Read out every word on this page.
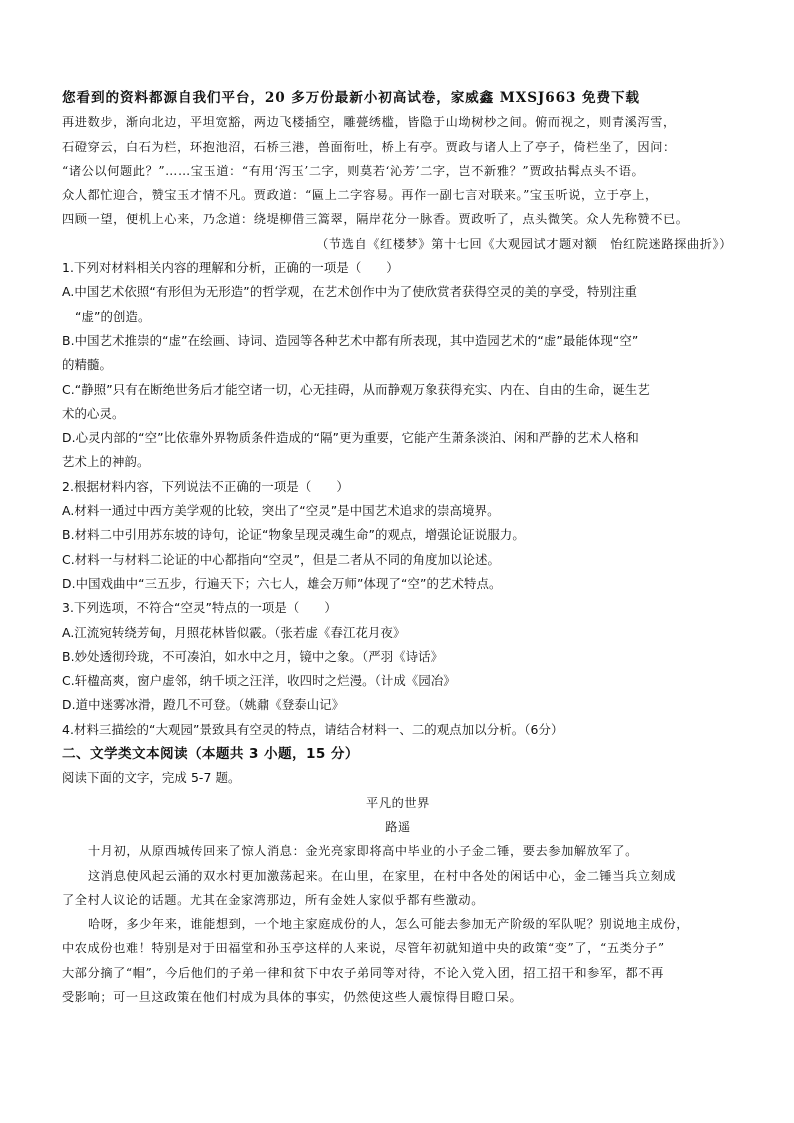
您看到的资料都源自我们平台，20 多万份最新小初高试卷，家威鑫 MXSJ663 免费下载
再进数步，渐向北边，平坦宽豁，两边飞楼插空，雕甍绣槛，皆隐于山坳树杪之间。俯而视之，则青溪泻雪，
石磴穿云，白石为栏，环抱池沼，石桥三港，兽面衔吐，桥上有亭。贾政与诸人上了亭子，倚栏坐了，因问：
“诸公以何题此？”……宝玉道：“有用‘泻玉’二字，则莫若‘沁芳’二字，岂不新雅？”贾政拈髯点头不语。
众人都忙迎合，赞宝玉才情不凡。贾政道：“匾上二字容易。再作一副七言对联来。”宝玉听说，立于亭上，
四顾一望，便机上心来，乃念道：绕堤柳借三篙翠，隔岸花分一脉香。贾政听了，点头微笑。众人先称赞不已。
（节选自《红楼梦》第十七回《大观园试才题对额　怡红院迷路探曲折》）
1.下列对材料相关内容的理解和分析，正确的一项是（　　）
A.中国艺术依照“有形但为无形造”的哲学观，在艺术创作中为了使欣赏者获得空灵的美的享受，特别注重
“虚”的创造。
B.中国艺术推崇的“虚”在绘画、诗词、造园等各种艺术中都有所表现，其中造园艺术的“虚”最能体现“空”
的精髓。
C.“静照”只有在断绝世务后才能空诸一切，心无挂碍，从而静观万象获得充实、内在、自由的生命，诞生艺
术的心灵。
D.心灵内部的“空”比依靠外界物质条件造成的“隔”更为重要，它能产生萧条淡泊、闲和严静的艺术人格和
艺术上的神韵。
2.根据材料内容，下列说法不正确的一项是（　　）
A.材料一通过中西方美学观的比较，突出了“空灵”是中国艺术追求的崇高境界。
B.材料二中引用苏东坡的诗句，论证“物象呈现灵魂生命”的观点，增强论证说服力。
C.材料一与材料二论证的中心都指向“空灵”，但是二者从不同的角度加以论述。
D.中国戏曲中“三五步，行遍天下；六七人，雄会万师”体现了“空”的艺术特点。
3.下列选项，不符合“空灵”特点的一项是（　　）
A.江流宛转绕芳甸，月照花林皆似霰。（张若虚《春江花月夜》
B.妙处透彻玲珑，不可凑泊，如水中之月，镜中之象。（严羽《诗话》
C.轩楹高爽，窗户虚邻，纳千顷之汪洋，收四时之烂漫。（计成《园冶》
D.道中迷雾冰滑，蹬几不可登。（姚鼐《登泰山记》
4.材料三描绘的“大观园”景致具有空灵的特点，请结合材料一、二的观点加以分析。（6分）
二、文学类文本阅读（本题共 3 小题，15 分）
阅读下面的文字，完成 5-7 题。
平凡的世界
路遥
十月初，从原西城传回来了惊人消息：金光亮家即将高中毕业的小子金二锤，要去参加解放军了。
这消息使风起云涌的双水村更加激荡起来。在山里，在家里，在村中各处的闲话中心，金二锤当兵立刻成
了全村人议论的话题。尤其在金家湾那边，所有金姓人家似乎都有些激动。
哈呀，多少年来，谁能想到，一个地主家庭成份的人，怎么可能去参加无产阶级的军队呢？别说地主成份，
中农成份也难！特别是对于田福堂和孙玉亭这样的人来说，尽管年初就知道中央的政策“变”了，“五类分子”
大部分摘了“帽”，今后他们的子弟一律和贫下中农子弟同等对待，不论入党入团，招工招干和参军，都不再
受影响；可一旦这政策在他们村成为具体的事实，仍然使这些人震惊得目瞪口呆。
